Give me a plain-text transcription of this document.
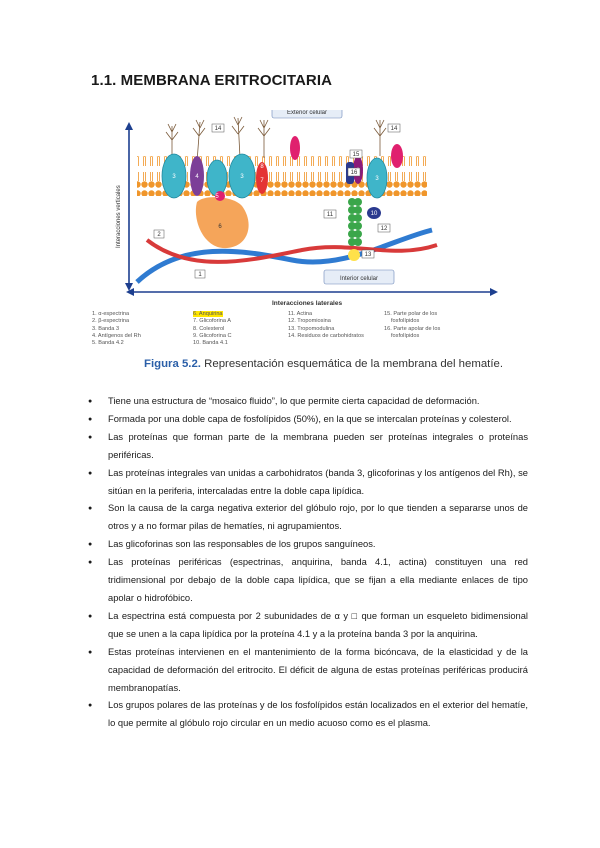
1.1. MEMBRANA ERITROCITARIA
Interacciones verticales
Interacciones laterales
Exterior celular
Interior celular
1
2
3	4	3
5
6
7
8
10
11
12
13
14	14
15
16
3
1. α-espectrina
2. β-espectrina
3. Banda 3
4. Antígenos del Rh
5. Banda 4.2
6. Anquirina
7. Glicoforina A
8. Colesterol
9. Glicoforina C
10. Banda 4.1
11. Actina
12. Tropomiosina
13. Tropomodulina
14. Residuos de carbohidratos
15. Parte polar de los
fosfolípidos
16. Parte apolar de los
fosfolípidos
Figura 5.2. Representación esquemática de la membrana del hematíe.
● Tiene una estructura de “mosaico fluido”, lo que permite cierta capacidad de deformación.
● Formada por una doble capa de fosfolípidos (50%), en la que se intercalan proteínas y colesterol.
● Las proteínas que forman parte de la membrana pueden ser proteínas integrales o proteínas periféricas.
● Las proteínas integrales van unidas a carbohidratos (banda 3, glicoforinas y los antígenos del Rh), se sitúan en la periferia, intercaladas entre la doble capa lipídica.
● Son la causa de la carga negativa exterior del glóbulo rojo, por lo que tienden a separarse unos de otros y a no formar pilas de hematíes, ni agrupamientos.
● Las glicoforinas son las responsables de los grupos sanguíneos.
● Las proteínas periféricas (espectrinas, anquirina, banda 4.1, actina) constituyen una red tridimensional por debajo de la doble capa lipídica, que se fijan a ella mediante enlaces de tipo apolar o hidrofóbico.
● La espectrina está compuesta por 2 subunidades de α y □ que forman un esqueleto bidimensional que se unen a la capa lipídica por la proteína 4.1 y a la proteína banda 3 por la anquirina.
● Estas proteínas intervienen en el mantenimiento de la forma bicóncava, de la elasticidad y de la capacidad de deformación del eritrocito. El déficit de alguna de estas proteínas periféricas producirá membranopatías.
● Los grupos polares de las proteínas y de los fosfolípidos están localizados en el exterior del hematíe, lo que permite al glóbulo rojo circular en un medio acuoso como es el plasma.
